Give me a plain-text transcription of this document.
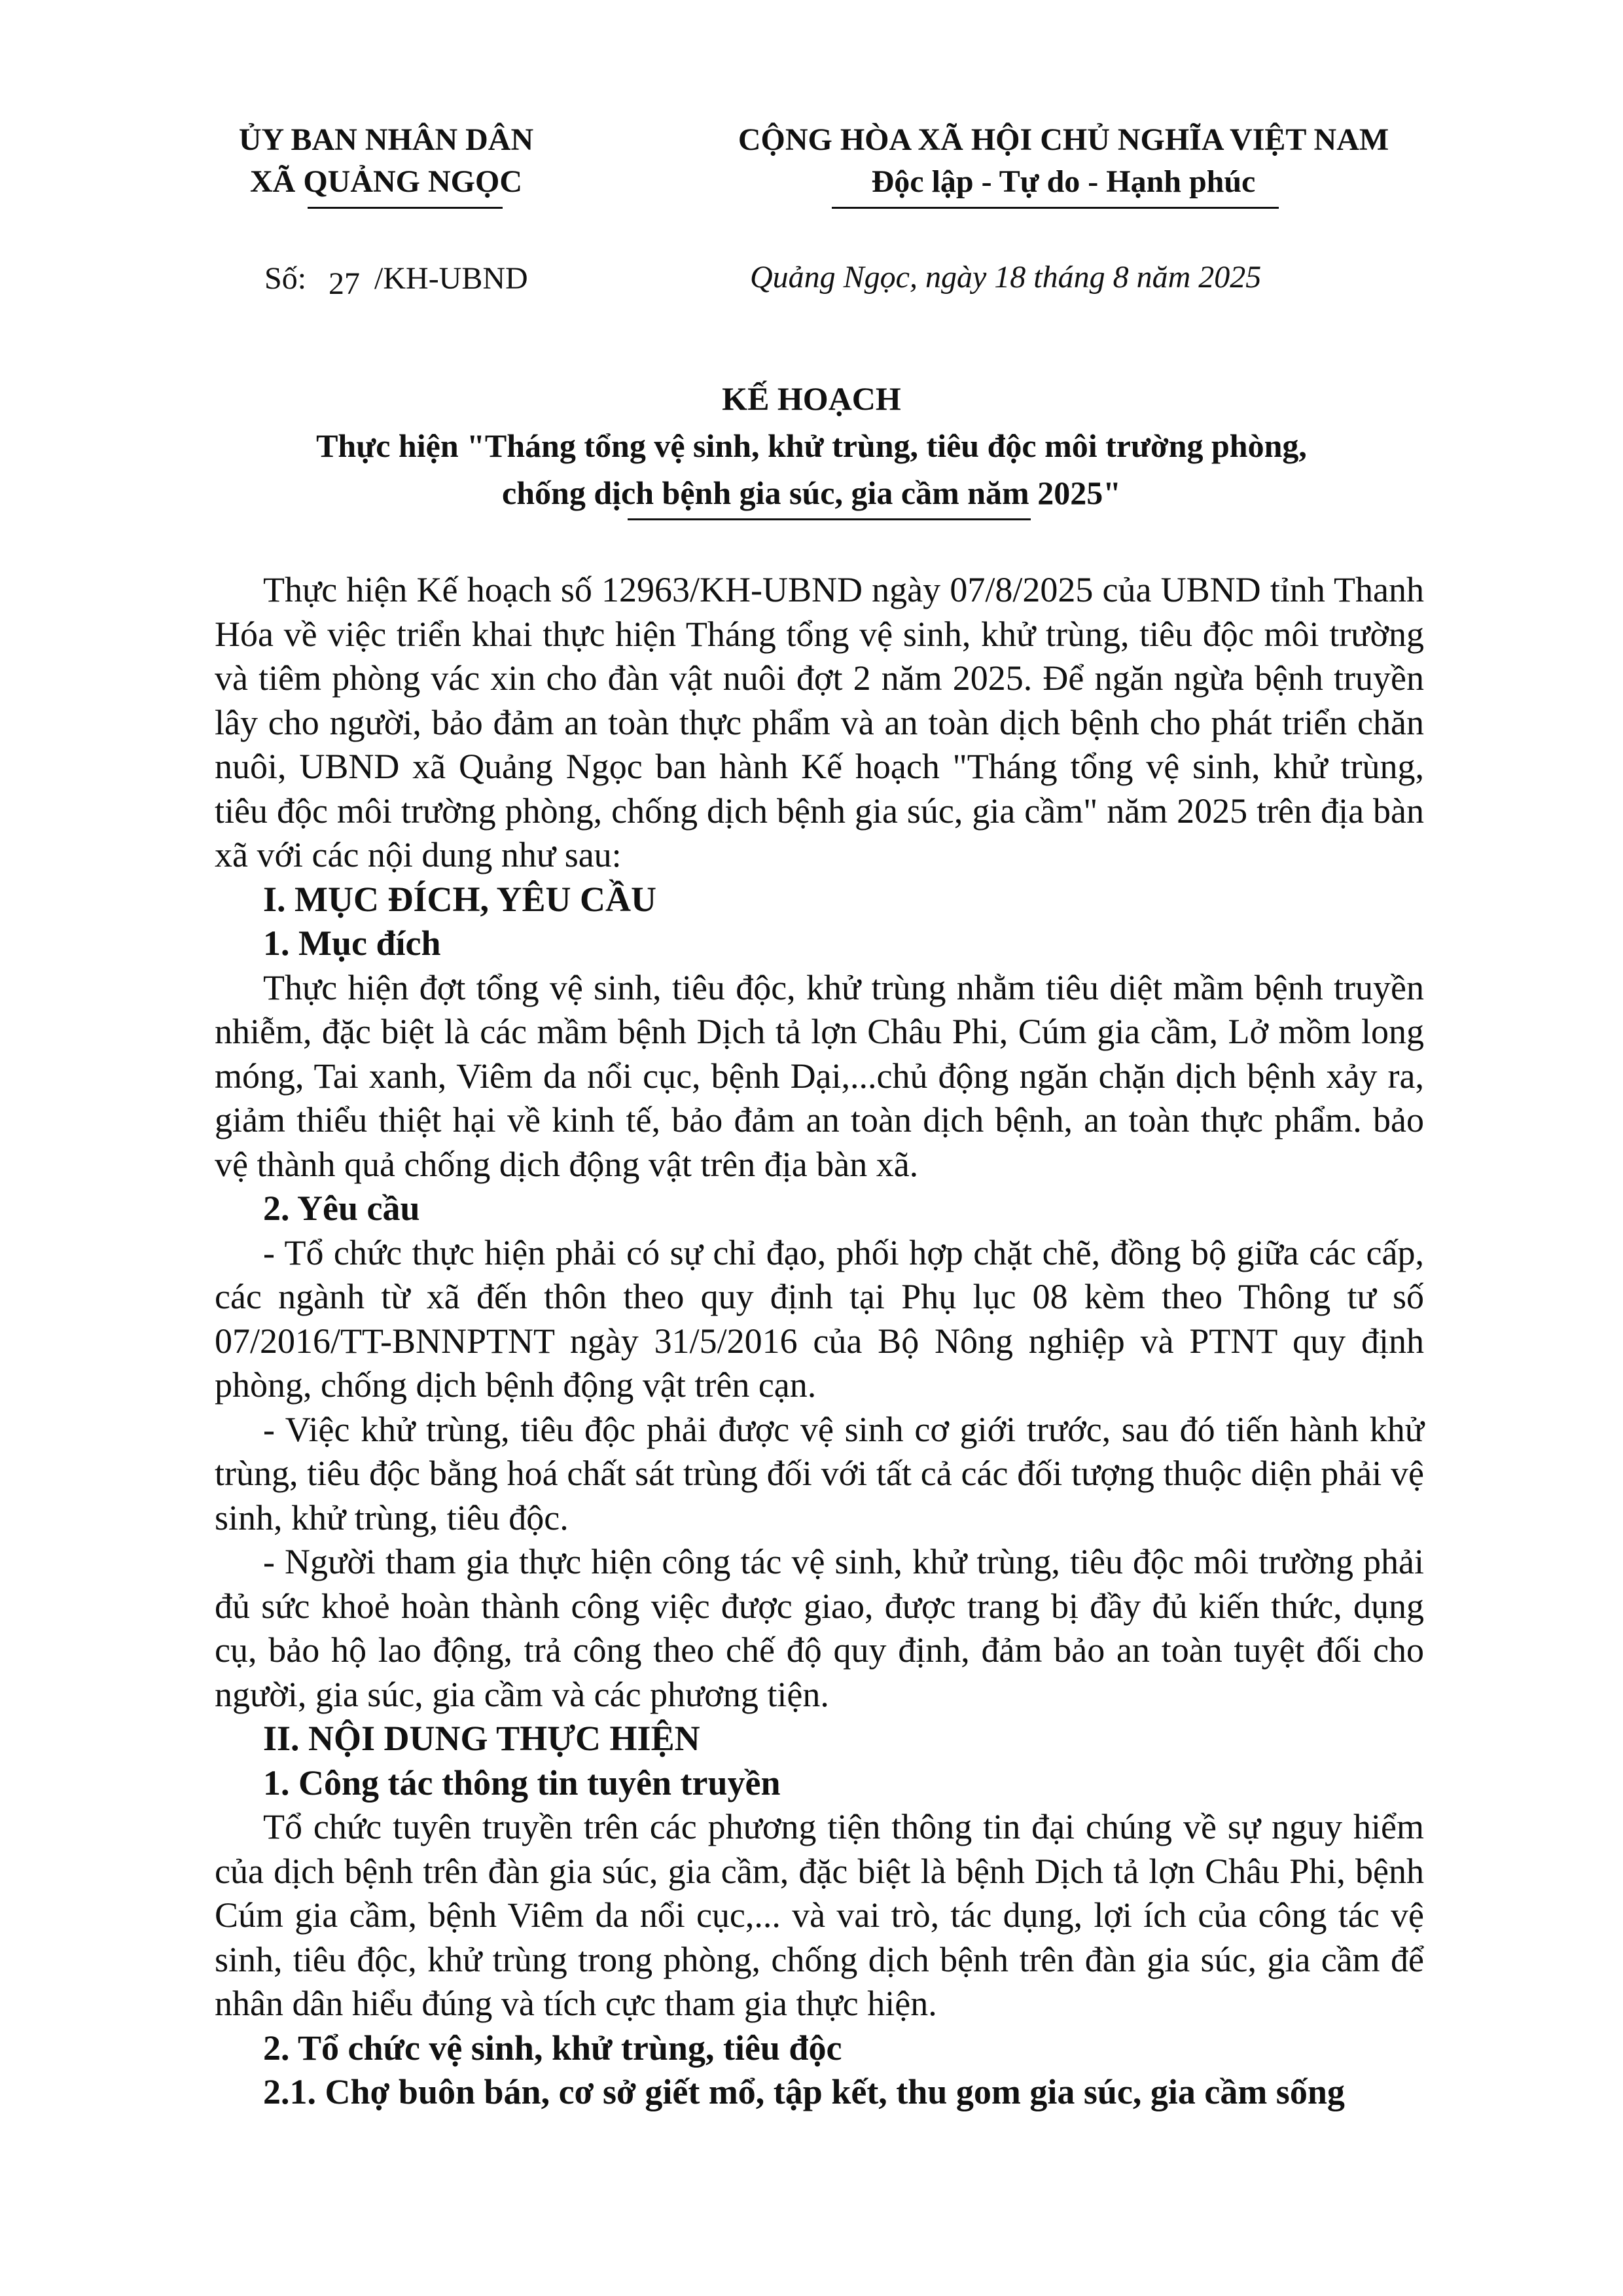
ỦY BAN NHÂN DÂN
XÃ QUẢNG NGỌC
CỘNG HÒA XÃ HỘI CHỦ NGHĨA VIỆT NAM
Độc lập - Tự do - Hạnh phúc
Số: 27 /KH-UBND	Quảng Ngọc, ngày 18 tháng 8 năm 2025
KẾ HOẠCH
Thực hiện "Tháng tổng vệ sinh, khử trùng, tiêu độc môi trường phòng,
chống dịch bệnh gia súc, gia cầm năm 2025"

Thực hiện Kế hoạch số 12963/KH-UBND ngày 07/8/2025 của UBND tỉnh Thanh Hóa về việc triển khai thực hiện Tháng tổng vệ sinh, khử trùng, tiêu độc môi trường và tiêm phòng vác xin cho đàn vật nuôi đợt 2 năm 2025. Để ngăn ngừa bệnh truyền lây cho người, bảo đảm an toàn thực phẩm và an toàn dịch bệnh cho phát triển chăn nuôi, UBND xã Quảng Ngọc ban hành Kế hoạch "Tháng tổng vệ sinh, khử trùng, tiêu độc môi trường phòng, chống dịch bệnh gia súc, gia cầm" năm 2025 trên địa bàn xã với các nội dung như sau:

I. MỤC ĐÍCH, YÊU CẦU
1. Mục đích

Thực hiện đợt tổng vệ sinh, tiêu độc, khử trùng nhằm tiêu diệt mầm bệnh truyền nhiễm, đặc biệt là các mầm bệnh Dịch tả lợn Châu Phi, Cúm gia cầm, Lở mồm long móng, Tai xanh, Viêm da nổi cục, bệnh Dại,...chủ động ngăn chặn dịch bệnh xảy ra, giảm thiểu thiệt hại về kinh tế, bảo đảm an toàn dịch bệnh, an toàn thực phẩm. bảo vệ thành quả chống dịch động vật trên địa bàn xã.

2. Yêu cầu

- Tổ chức thực hiện phải có sự chỉ đạo, phối hợp chặt chẽ, đồng bộ giữa các cấp, các ngành từ xã đến thôn theo quy định tại Phụ lục 08 kèm theo Thông tư số 07/2016/TT-BNNPTNT ngày 31/5/2016 của Bộ Nông nghiệp và PTNT quy định phòng, chống dịch bệnh động vật trên cạn.

- Việc khử trùng, tiêu độc phải được vệ sinh cơ giới trước, sau đó tiến hành khử trùng, tiêu độc bằng hoá chất sát trùng đối với tất cả các đối tượng thuộc diện phải vệ sinh, khử trùng, tiêu độc.

- Người tham gia thực hiện công tác vệ sinh, khử trùng, tiêu độc môi trường phải đủ sức khoẻ hoàn thành công việc được giao, được trang bị đầy đủ kiến thức, dụng cụ, bảo hộ lao động, trả công theo chế độ quy định, đảm bảo an toàn tuyệt đối cho người, gia súc, gia cầm và các phương tiện.

II. NỘI DUNG THỰC HIỆN
1. Công tác thông tin tuyên truyền

Tổ chức tuyên truyền trên các phương tiện thông tin đại chúng về sự nguy hiểm của dịch bệnh trên đàn gia súc, gia cầm, đặc biệt là bệnh Dịch tả lợn Châu Phi, bệnh Cúm gia cầm, bệnh Viêm da nổi cục,... và vai trò, tác dụng, lợi ích của công tác vệ sinh, tiêu độc, khử trùng trong phòng, chống dịch bệnh trên đàn gia súc, gia cầm để nhân dân hiểu đúng và tích cực tham gia thực hiện.

2. Tổ chức vệ sinh, khử trùng, tiêu độc
2.1. Chợ buôn bán, cơ sở giết mổ, tập kết, thu gom gia súc, gia cầm sống
